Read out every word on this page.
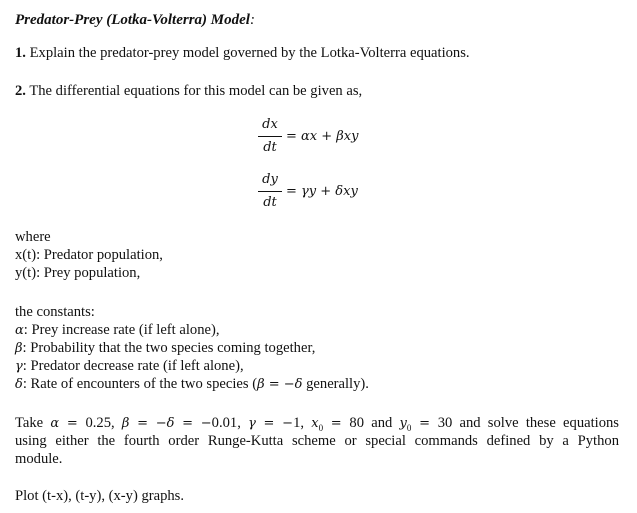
Predator-Prey (Lotka-Volterra) Model:
1. Explain the predator-prey model governed by the Lotka-Volterra equations.
2. The differential equations for this model can be given as,
dx
dt
= αx + βxy
dy
dt
= γy + δxy
where
x(t): Predator population,
y(t): Prey population,
the constants:
α: Prey increase rate (if left alone),
β: Probability that the two species coming together,
γ: Predator decrease rate (if left alone),
δ: Rate of encounters of the two species (β = −δ generally).
Take α = 0.25, β = −δ = −0.01, γ = −1, $x_0 = 80$ and $y_0 = 30$ and solve these equations
using either the fourth order Runge-Kutta scheme or special commands defined by a Python
module.
Plot (t-x), (t-y), (x-y) graphs.
